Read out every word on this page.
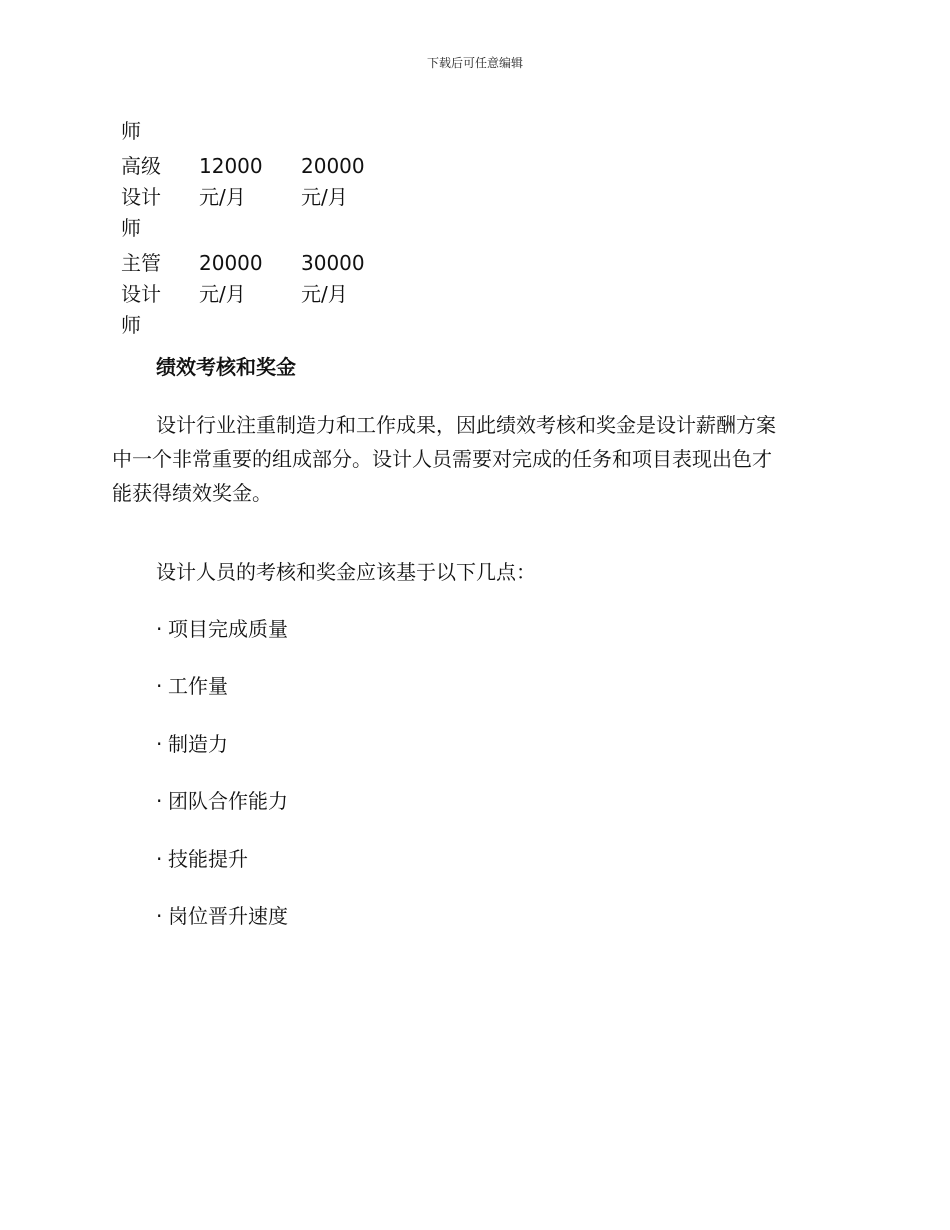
下载后可任意编辑
师
高级
设计
师
12000
元/月
20000
元/月
主管
设计
师
20000
元/月
30000
元/月
绩效考核和奖金
设计行业注重制造力和工作成果，因此绩效考核和奖金是设计薪酬方案
中一个非常重要的组成部分。设计人员需要对完成的任务和项目表现出色才
能获得绩效奖金。
设计人员的考核和奖金应该基于以下几点：
· 项目完成质量
· 工作量
· 制造力
· 团队合作能力
· 技能提升
· 岗位晋升速度
